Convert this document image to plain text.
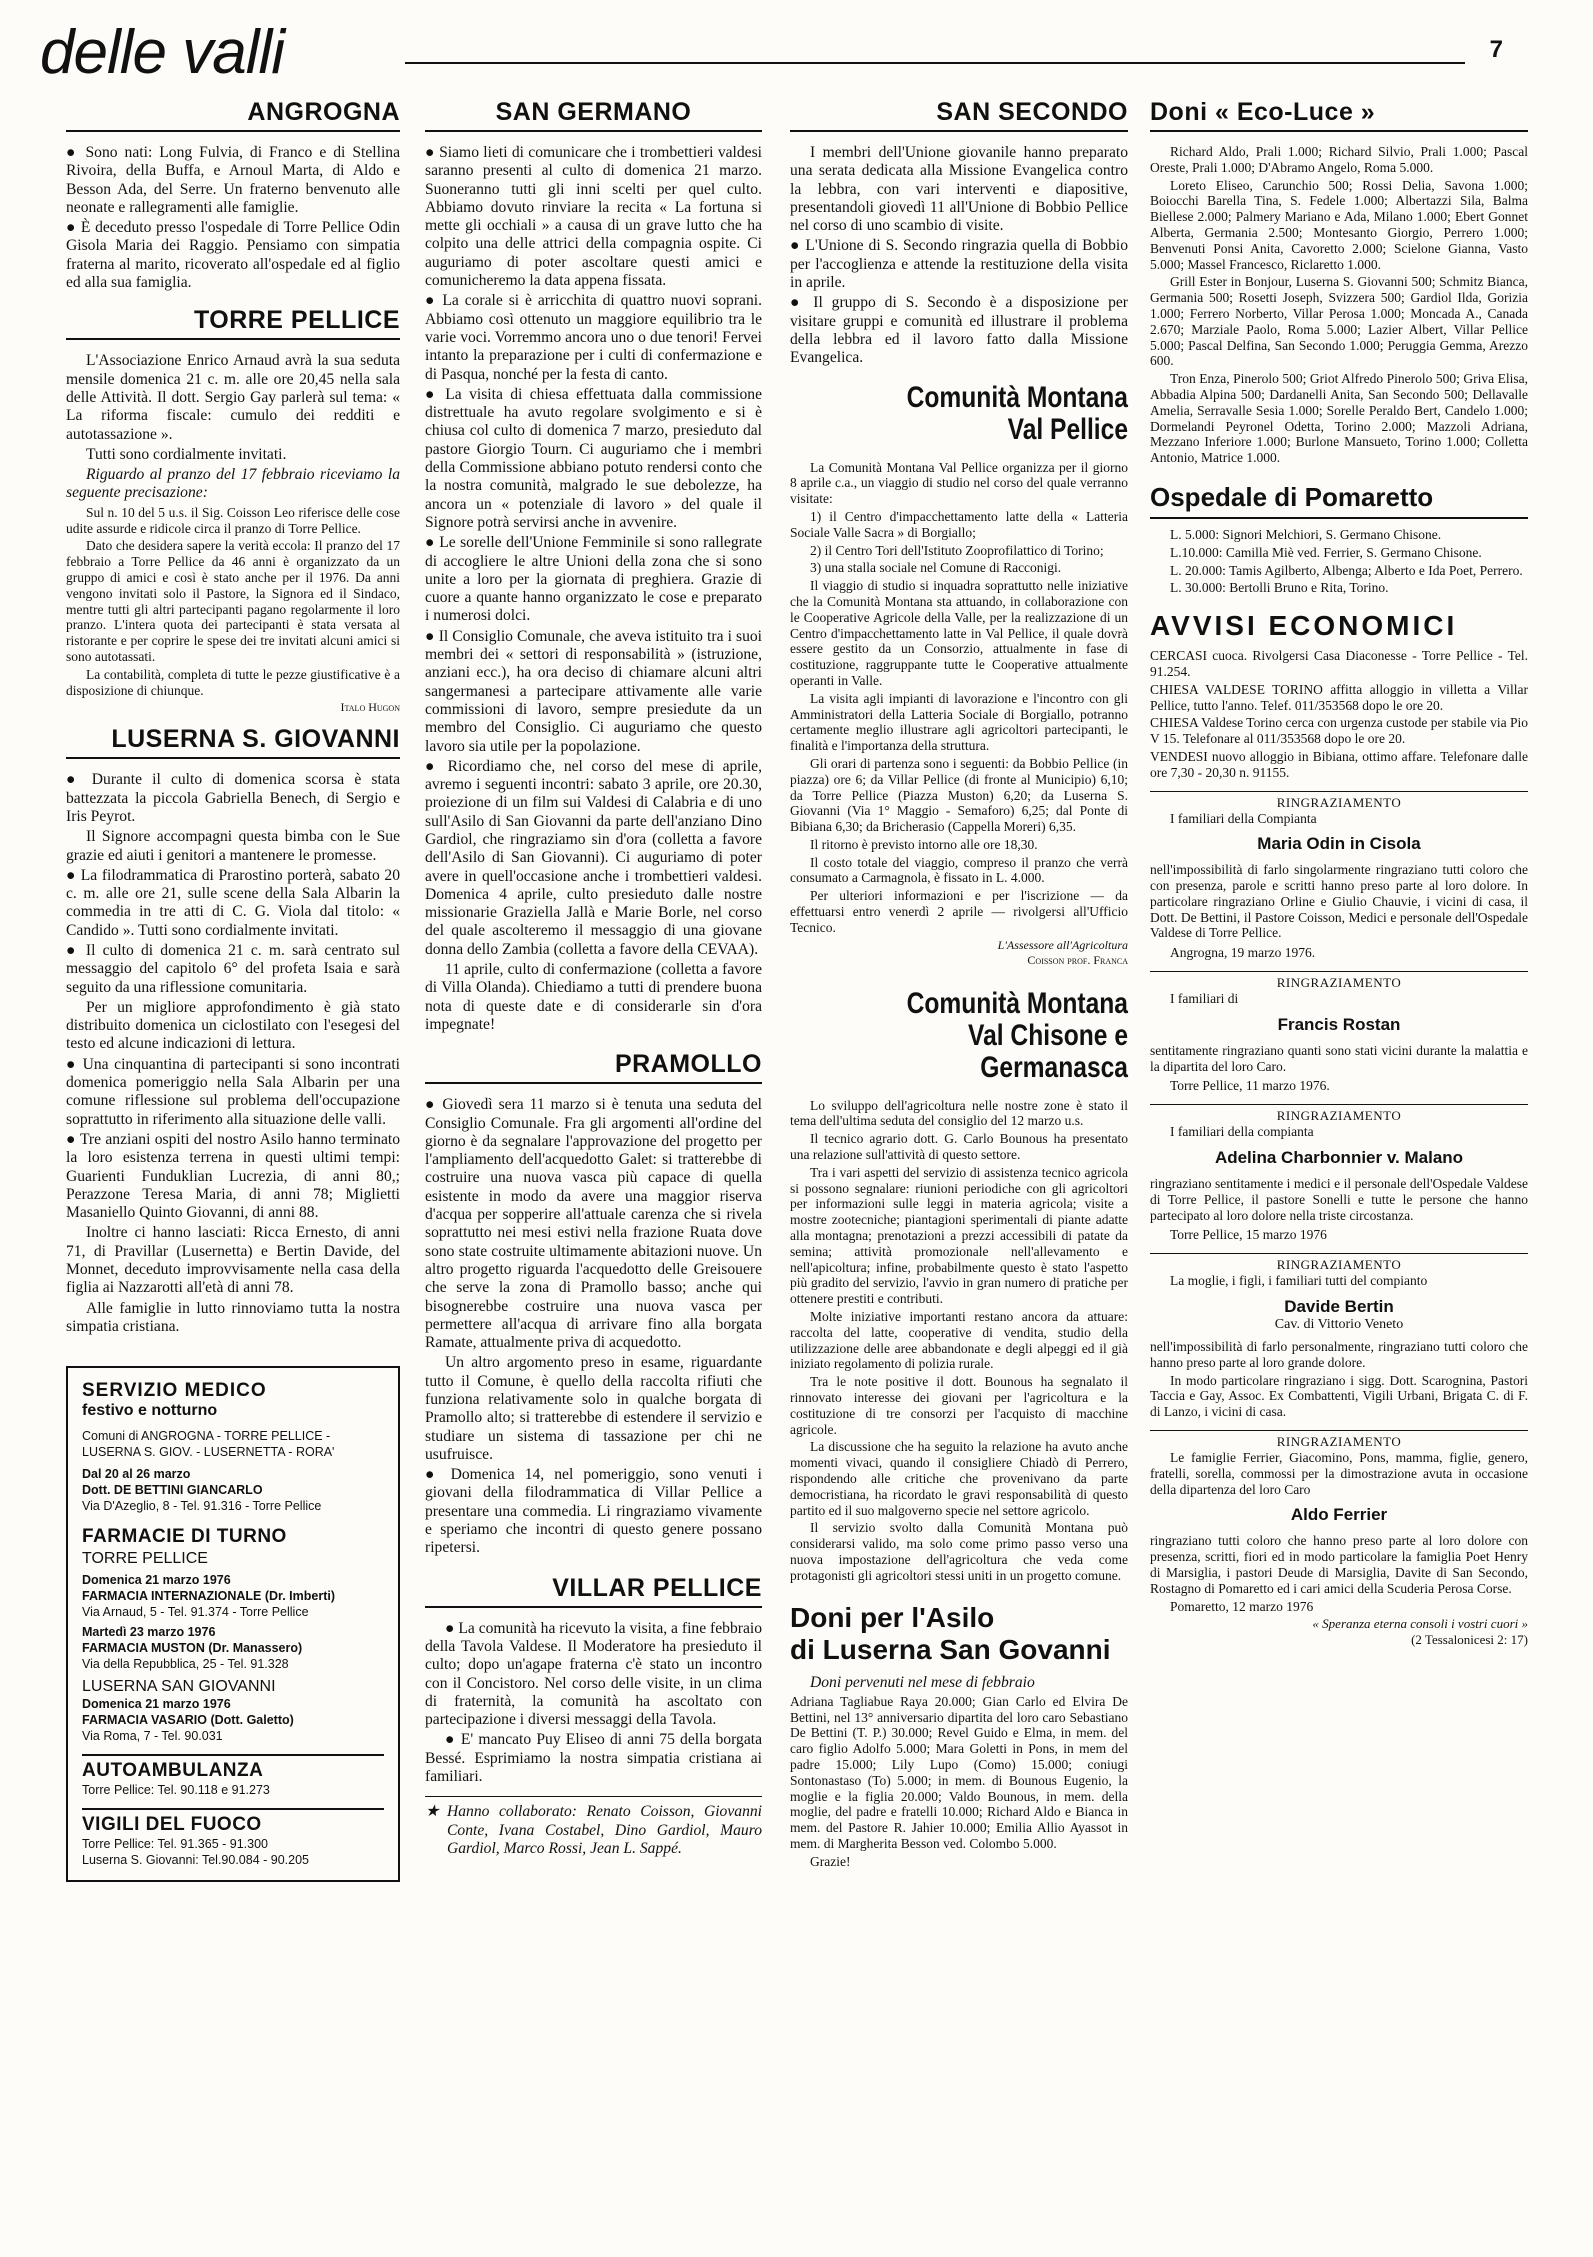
delle valli	7
ANGROGNA

● Sono nati: Long Fulvia, di Franco e di Stellina Rivoira, della Buffa, e Arnoul Marta, di Aldo e Besson Ada, del Serre. Un fraterno benvenuto alle neonate e rallegramenti alle famiglie.

● È deceduto presso l'ospedale di Torre Pellice Odin Gisola Maria dei Raggio. Pensiamo con simpatia fraterna al marito, ricoverato all'ospedale ed al figlio ed alla sua famiglia.

TORRE PELLICE

L'Associazione Enrico Arnaud avrà la sua seduta mensile domenica 21 c. m. alle ore 20,45 nella sala delle Attività. Il dott. Sergio Gay parlerà sul tema: « La riforma fiscale: cumulo dei redditi e autotassazione ».

Tutti sono cordialmente invitati.

Riguardo al pranzo del 17 febbraio riceviamo la seguente precisazione:

Sul n. 10 del 5 u.s. il Sig. Coisson Leo riferisce delle cose udite assurde e ridicole circa il pranzo di Torre Pellice.

Dato che desidera sapere la verità eccola: Il pranzo del 17 febbraio a Torre Pellice da 46 anni è organizzato da un gruppo di amici e così è stato anche per il 1976. Da anni vengono invitati solo il Pastore, la Signora ed il Sindaco, mentre tutti gli altri partecipanti pagano regolarmente il loro pranzo. L'intera quota dei partecipanti è stata versata al ristorante e per coprire le spese dei tre invitati alcuni amici si sono autotassati.

La contabilità, completa di tutte le pezze giustificative è a disposizione di chiunque.

Italo Hugon
LUSERNA S. GIOVANNI

● Durante il culto di domenica scorsa è stata battezzata la piccola Gabriella Benech, di Sergio e Iris Peyrot.

Il Signore accompagni questa bimba con le Sue grazie ed aiuti i genitori a mantenere le promesse.

● La filodrammatica di Prarostino porterà, sabato 20 c. m. alle ore 21, sulle scene della Sala Albarin la commedia in tre atti di C. G. Viola dal titolo: « Candido ». Tutti sono cordialmente invitati.

● Il culto di domenica 21 c. m. sarà centrato sul messaggio del capitolo 6° del profeta Isaia e sarà seguito da una riflessione comunitaria.

Per un migliore approfondimento è già stato distribuito domenica un ciclostilato con l'esegesi del testo ed alcune indicazioni di lettura.

● Una cinquantina di partecipanti si sono incontrati domenica pomeriggio nella Sala Albarin per una comune riflessione sul problema dell'occupazione soprattutto in riferimento alla situazione delle valli.

● Tre anziani ospiti del nostro Asilo hanno terminato la loro esistenza terrena in questi ultimi tempi: Guarienti Funduklian Lucrezia, di anni 80,; Perazzone Teresa Maria, di anni 78; Miglietti Masaniello Quinto Giovanni, di anni 88.

Inoltre ci hanno lasciati: Ricca Ernesto, di anni 71, di Pravillar (Lusernetta) e Bertin Davide, del Monnet, deceduto improvvisamente nella casa della figlia ai Nazzarotti all'età di anni 78.

Alle famiglie in lutto rinnoviamo tutta la nostra simpatia cristiana.

SERVIZIO MEDICO
festivo e notturno
Comuni di ANGROGNA - TORRE PELLICE - LUSERNA S. GIOV. - LUSERNETTA - RORA'
Dal 20 al 26 marzo
Dott. DE BETTINI GIANCARLO
Via D'Azeglio, 8 - Tel. 91.316 - Torre Pellice
FARMACIE DI TURNO
TORRE PELLICE
Domenica 21 marzo 1976
FARMACIA INTERNAZIONALE (Dr. Imberti)
Via Arnaud, 5 - Tel. 91.374 - Torre Pellice
Martedì 23 marzo 1976
FARMACIA MUSTON (Dr. Manassero)
Via della Repubblica, 25 - Tel. 91.328
LUSERNA SAN GIOVANNI
Domenica 21 marzo 1976
FARMACIA VASARIO (Dott. Galetto)
Via Roma, 7 - Tel. 90.031
AUTOAMBULANZA
Torre Pellice: Tel. 90.118 e 91.273
VIGILI DEL FUOCO
Torre Pellice: Tel. 91.365 - 91.300
Luserna S. Giovanni: Tel.90.084 - 90.205
SAN GERMANO

● Siamo lieti di comunicare che i trombettieri valdesi saranno presenti al culto di domenica 21 marzo. Suoneranno tutti gli inni scelti per quel culto. Abbiamo dovuto rinviare la recita « La fortuna si mette gli occhiali » a causa di un grave lutto che ha colpito una delle attrici della compagnia ospite. Ci auguriamo di poter ascoltare questi amici e comunicheremo la data appena fissata.

● La corale si è arricchita di quattro nuovi soprani. Abbiamo così ottenuto un maggiore equilibrio tra le varie voci. Vorremmo ancora uno o due tenori! Fervei intanto la preparazione per i culti di confermazione e di Pasqua, nonché per la festa di canto.

● La visita di chiesa effettuata dalla commissione distrettuale ha avuto regolare svolgimento e si è chiusa col culto di domenica 7 marzo, presieduto dal pastore Giorgio Tourn. Ci auguriamo che i membri della Commissione abbiano potuto rendersi conto che la nostra comunità, malgrado le sue debolezze, ha ancora un « potenziale di lavoro » del quale il Signore potrà servirsi anche in avvenire.

● Le sorelle dell'Unione Femminile si sono rallegrate di accogliere le altre Unioni della zona che si sono unite a loro per la giornata di preghiera. Grazie di cuore a quante hanno organizzato le cose e preparato i numerosi dolci.

● Il Consiglio Comunale, che aveva istituito tra i suoi membri dei « settori di responsabilità » (istruzione, anziani ecc.), ha ora deciso di chiamare alcuni altri sangermanesi a partecipare attivamente alle varie commissioni di lavoro, sempre presiedute da un membro del Consiglio. Ci auguriamo che questo lavoro sia utile per la popolazione.

● Ricordiamo che, nel corso del mese di aprile, avremo i seguenti incontri: sabato 3 aprile, ore 20.30, proiezione di un film sui Valdesi di Calabria e di uno sull'Asilo di San Giovanni da parte dell'anziano Dino Gardiol, che ringraziamo sin d'ora (colletta a favore dell'Asilo di San Giovanni). Ci auguriamo di poter avere in quell'occasione anche i trombettieri valdesi. Domenica 4 aprile, culto presieduto dalle nostre missionarie Graziella Jallà e Marie Borle, nel corso del quale ascolteremo il messaggio di una giovane donna dello Zambia (colletta a favore della CEVAA).

11 aprile, culto di confermazione (colletta a favore di Villa Olanda). Chiediamo a tutti di prendere buona nota di queste date e di considerarle sin d'ora impegnate!

PRAMOLLO

● Giovedì sera 11 marzo si è tenuta una seduta del Consiglio Comunale. Fra gli argomenti all'ordine del giorno è da segnalare l'approvazione del progetto per l'ampliamento dell'acquedotto Galet: si tratterebbe di costruire una nuova vasca più capace di quella esistente in modo da avere una maggior riserva d'acqua per sopperire all'attuale carenza che si rivela soprattutto nei mesi estivi nella frazione Ruata dove sono state costruite ultimamente abitazioni nuove. Un altro progetto riguarda l'acquedotto delle Greisouere che serve la zona di Pramollo basso; anche qui bisognerebbe costruire una nuova vasca per permettere all'acqua di arrivare fino alla borgata Ramate, attualmente priva di acquedotto.

Un altro argomento preso in esame, riguardante tutto il Comune, è quello della raccolta rifiuti che funziona relativamente solo in qualche borgata di Pramollo alto; si tratterebbe di estendere il servizio e studiare un sistema di tassazione per chi ne usufruisce.

● Domenica 14, nel pomeriggio, sono venuti i giovani della filodrammatica di Villar Pellice a presentare una commedia. Li ringraziamo vivamente e speriamo che incontri di questo genere possano ripetersi.

VILLAR PELLICE

● La comunità ha ricevuto la visita, a fine febbraio della Tavola Valdese. Il Moderatore ha presieduto il culto; dopo un'agape fraterna c'è stato un incontro con il Concistoro. Nel corso delle visite, in un clima di fraternità, la comunità ha ascoltato con partecipazione i diversi messaggi della Tavola.

● E' mancato Puy Eliseo di anni 75 della borgata Bessé. Esprimiamo la nostra simpatia cristiana ai familiari.

★ Hanno collaborato: Renato Coisson, Giovanni Conte, Ivana Costabel, Dino Gardiol, Mauro Gardiol, Marco Rossi, Jean L. Sappé.

SAN SECONDO

I membri dell'Unione giovanile hanno preparato una serata dedicata alla Missione Evangelica contro la lebbra, con vari interventi e diapositive, presentandoli giovedì 11 all'Unione di Bobbio Pellice nel corso di uno scambio di visite.

● L'Unione di S. Secondo ringrazia quella di Bobbio per l'accoglienza e attende la restituzione della visita in aprile.

● Il gruppo di S. Secondo è a disposizione per visitare gruppi e comunità ed illustrare il problema della lebbra ed il lavoro fatto dalla Missione Evangelica.

Comunità Montana
Val Pellice

La Comunità Montana Val Pellice organizza per il giorno 8 aprile c.a., un viaggio di studio nel corso del quale verranno visitate:

1) il Centro d'impacchettamento latte della « Latteria Sociale Valle Sacra » di Borgiallo;

2) il Centro Tori dell'Istituto Zooprofilattico di Torino;

3) una stalla sociale nel Comune di Racconigi.

Il viaggio di studio si inquadra soprattutto nelle iniziative che la Comunità Montana sta attuando, in collaborazione con le Cooperative Agricole della Valle, per la realizzazione di un Centro d'impacchettamento latte in Val Pellice, il quale dovrà essere gestito da un Consorzio, attualmente in fase di costituzione, raggruppante tutte le Cooperative attualmente operanti in Valle.

La visita agli impianti di lavorazione e l'incontro con gli Amministratori della Latteria Sociale di Borgiallo, potranno certamente meglio illustrare agli agricoltori partecipanti, le finalità e l'importanza della struttura.

Gli orari di partenza sono i seguenti: da Bobbio Pellice (in piazza) ore 6; da Villar Pellice (di fronte al Municipio) 6,10; da Torre Pellice (Piazza Muston) 6,20; da Luserna S. Giovanni (Via 1° Maggio - Semaforo) 6,25; dal Ponte di Bibiana 6,30; da Bricherasio (Cappella Moreri) 6,35.

Il ritorno è previsto intorno alle ore 18,30.

Il costo totale del viaggio, compreso il pranzo che verrà consumato a Carmagnola, è fissato in L. 4.000.

Per ulteriori informazioni e per l'iscrizione — da effettuarsi entro venerdì 2 aprile — rivolgersi all'Ufficio Tecnico.

L'Assessore all'Agricoltura
Coisson prof. Franca
Comunità Montana
Val Chisone e Germanasca

Lo sviluppo dell'agricoltura nelle nostre zone è stato il tema dell'ultima seduta del consiglio del 12 marzo u.s.

Il tecnico agrario dott. G. Carlo Bounous ha presentato una relazione sull'attività di questo settore.

Tra i vari aspetti del servizio di assistenza tecnico agricola si possono segnalare: riunioni periodiche con gli agricoltori per informazioni sulle leggi in materia agricola; visite a mostre zootecniche; piantagioni sperimentali di piante adatte alla montagna; prenotazioni a prezzi accessibili di patate da semina; attività promozionale nell'allevamento e nell'apicoltura; infine, probabilmente questo è stato l'aspetto più gradito del servizio, l'avvio in gran numero di pratiche per ottenere prestiti e contributi.

Molte iniziative importanti restano ancora da attuare: raccolta del latte, cooperative di vendita, studio della utilizzazione delle aree abbandonate e degli alpeggi ed il già iniziato regolamento di polizia rurale.

Tra le note positive il dott. Bounous ha segnalato il rinnovato interesse dei giovani per l'agricoltura e la costituzione di tre consorzi per l'acquisto di macchine agricole.

La discussione che ha seguito la relazione ha avuto anche momenti vivaci, quando il consigliere Chiadò di Perrero, rispondendo alle critiche che provenivano da parte democristiana, ha ricordato le gravi responsabilità di questo partito ed il suo malgoverno specie nel settore agricolo.

Il servizio svolto dalla Comunità Montana può considerarsi valido, ma solo come primo passo verso una nuova impostazione dell'agricoltura che veda come protagonisti gli agricoltori stessi uniti in un progetto comune.

Doni per l'Asilo
di Luserna San Govanni

Doni pervenuti nel mese di febbraio

Adriana Tagliabue Raya 20.000; Gian Carlo ed Elvira De Bettini, nel 13° anniversario dipartita del loro caro Sebastiano De Bettini (T. P.) 30.000; Revel Guido e Elma, in mem. del caro figlio Adolfo 5.000; Mara Goletti in Pons, in mem del padre 15.000; Lily Lupo (Como) 15.000; coniugi Sontonastaso (To) 5.000; in mem. di Bounous Eugenio, la moglie e la figlia 20.000; Valdo Bounous, in mem. della moglie, del padre e fratelli 10.000; Richard Aldo e Bianca in mem. del Pastore R. Jahier 10.000; Emilia Allio Ayassot in mem. di Margherita Besson ved. Colombo 5.000.

Grazie!

Doni « Eco-Luce »

Richard Aldo, Prali 1.000; Richard Silvio, Prali 1.000; Pascal Oreste, Prali 1.000; D'Abramo Angelo, Roma 5.000.

Loreto Eliseo, Carunchio 500; Rossi Delia, Savona 1.000; Boiocchi Barella Tina, S. Fedele 1.000; Albertazzi Sila, Balma Biellese 2.000; Palmery Mariano e Ada, Milano 1.000; Ebert Gonnet Alberta, Germania 2.500; Montesanto Giorgio, Perrero 1.000; Benvenuti Ponsi Anita, Cavoretto 2.000; Scielone Gianna, Vasto 5.000; Massel Francesco, Riclaretto 1.000.

Grill Ester in Bonjour, Luserna S. Giovanni 500; Schmitz Bianca, Germania 500; Rosetti Joseph, Svizzera 500; Gardiol Ilda, Gorizia 1.000; Ferrero Norberto, Villar Perosa 1.000; Moncada A., Canada 2.670; Marziale Paolo, Roma 5.000; Lazier Albert, Villar Pellice 5.000; Pascal Delfina, San Secondo 1.000; Peruggia Gemma, Arezzo 600.

Tron Enza, Pinerolo 500; Griot Alfredo Pinerolo 500; Griva Elisa, Abbadia Alpina 500; Dardanelli Anita, San Secondo 500; Dellavalle Amelia, Serravalle Sesia 1.000; Sorelle Peraldo Bert, Candelo 1.000; Dormelandi Peyronel Odetta, Torino 2.000; Mazzoli Adriana, Mezzano Inferiore 1.000; Burlone Mansueto, Torino 1.000; Colletta Antonio, Matrice 1.000.

Ospedale di Pomaretto

L. 5.000: Signori Melchiori, S. Germano Chisone.

L.10.000: Camilla Miè ved. Ferrier, S. Germano Chisone.

L. 20.000: Tamis Agilberto, Albenga; Alberto e Ida Poet, Perrero.

L. 30.000: Bertolli Bruno e Rita, Torino.

AVVISI ECONOMICI

CERCASI cuoca. Rivolgersi Casa Diaconesse - Torre Pellice - Tel. 91.254.

CHIESA VALDESE TORINO affitta alloggio in villetta a Villar Pellice, tutto l'anno. Telef. 011/353568 dopo le ore 20.

CHIESA Valdese Torino cerca con urgenza custode per stabile via Pio V 15. Telefonare al 011/353568 dopo le ore 20.

VENDESI nuovo alloggio in Bibiana, ottimo affare. Telefonare dalle ore 7,30 - 20,30 n. 91155.

RINGRAZIAMENTO

I familiari della Compianta

Maria Odin in Cisola

nell'impossibilità di farlo singolarmente ringraziano tutti coloro che con presenza, parole e scritti hanno preso parte al loro dolore. In particolare ringraziano Orline e Giulio Chauvie, i vicini di casa, il Dott. De Bettini, il Pastore Coisson, Medici e personale dell'Ospedale Valdese di Torre Pellice.

Angrogna, 19 marzo 1976.

RINGRAZIAMENTO

I familiari di

Francis Rostan

sentitamente ringraziano quanti sono stati vicini durante la malattia e la dipartita del loro Caro.

Torre Pellice, 11 marzo 1976.

RINGRAZIAMENTO

I familiari della compianta

Adelina Charbonnier v. Malano

ringraziano sentitamente i medici e il personale dell'Ospedale Valdese di Torre Pellice, il pastore Sonelli e tutte le persone che hanno partecipato al loro dolore nella triste circostanza.

Torre Pellice, 15 marzo 1976

RINGRAZIAMENTO

La moglie, i figli, i familiari tutti del compianto

Davide Bertin
Cav. di Vittorio Veneto

nell'impossibilità di farlo personalmente, ringraziano tutti coloro che hanno preso parte al loro grande dolore.

In modo particolare ringraziano i sigg. Dott. Scarognina, Pastori Taccia e Gay, Assoc. Ex Combattenti, Vigili Urbani, Brigata C. di F. di Lanzo, i vicini di casa.

RINGRAZIAMENTO

Le famiglie Ferrier, Giacomino, Pons, mamma, figlie, genero, fratelli, sorella, commossi per la dimostrazione avuta in occasione della dipartenza del loro Caro

Aldo Ferrier

ringraziano tutti coloro che hanno preso parte al loro dolore con presenza, scritti, fiori ed in modo particolare la famiglia Poet Henry di Marsiglia, i pastori Deude di Marsiglia, Davite di San Secondo, Rostagno di Pomaretto ed i cari amici della Scuderia Perosa Corse.

Pomaretto, 12 marzo 1976

« Speranza eterna consoli i vostri cuori »
(2 Tessalonicesi 2: 17)
